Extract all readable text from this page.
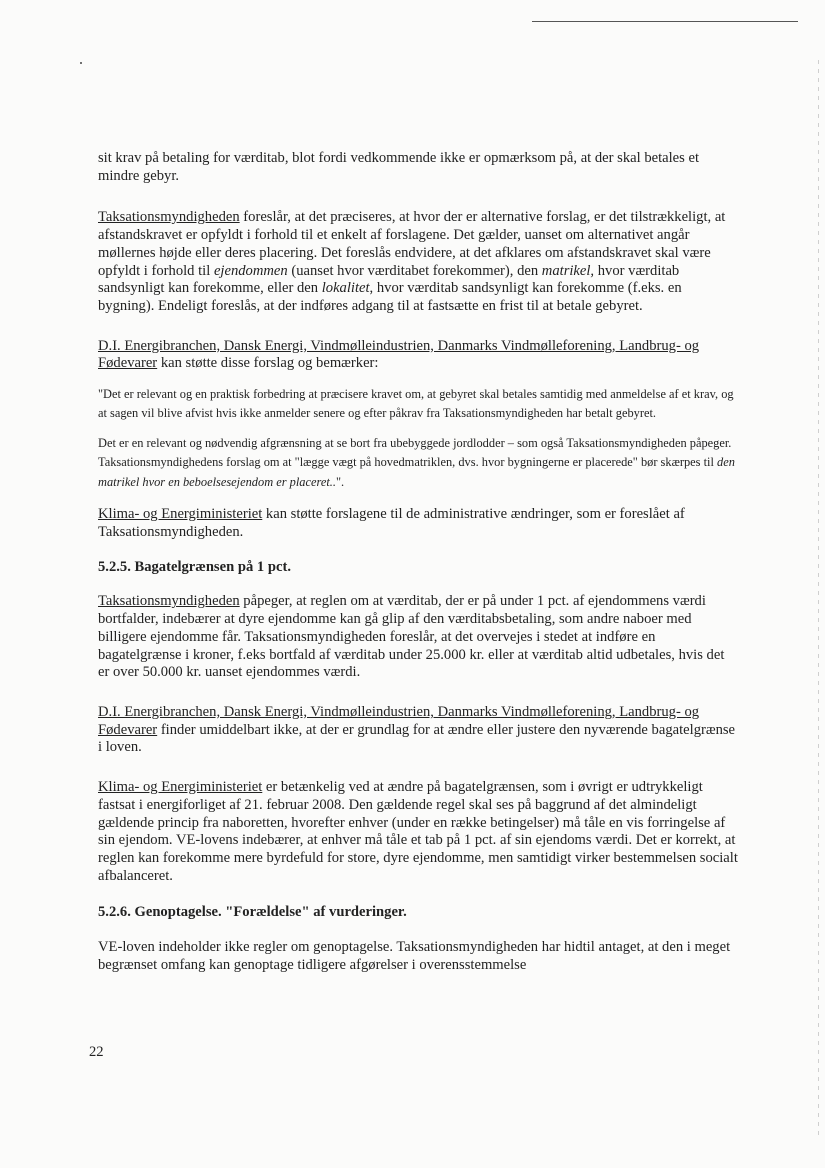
sit krav på betaling for værditab, blot fordi vedkommende ikke er opmærksom på, at der skal betales et mindre gebyr.

Taksationsmyndigheden foreslår, at det præciseres, at hvor der er alternative forslag, er det tilstrækkeligt, at afstandskravet er opfyldt i forhold til et enkelt af forslagene. Det gælder, uanset om alternativet angår møllernes højde eller deres placering. Det foreslås endvidere, at det afklares om afstandskravet skal være opfyldt i forhold til ejendommen (uanset hvor værditabet forekommer), den matrikel, hvor værditab sandsynligt kan forekomme, eller den lokalitet, hvor værditab sandsynligt kan forekomme (f.eks. en bygning). Endeligt foreslås, at der indføres adgang til at fastsætte en frist til at betale gebyret.

D.I. Energibranchen, Dansk Energi, Vindmølleindustrien, Danmarks Vindmølleforening, Landbrug- og Fødevarer kan støtte disse forslag og bemærker:

"Det er relevant og en praktisk forbedring at præcisere kravet om, at gebyret skal betales samtidig med anmeldelse af et krav, og at sagen vil blive afvist hvis ikke anmelder senere og efter påkrav fra Taksationsmyndigheden har betalt gebyret.

Det er en relevant og nødvendig afgrænsning at se bort fra ubebyggede jordlodder – som også Taksationsmyndigheden påpeger. Taksationsmyndighedens forslag om at "lægge vægt på hovedmatriklen, dvs. hvor bygningerne er placerede" bør skærpes til den matrikel hvor en beboelsesejendom er placeret..".

Klima- og Energiministeriet kan støtte forslagene til de administrative ændringer, som er foreslået af Taksationsmyndigheden.

5.2.5. Bagatelgrænsen på 1 pct.

Taksationsmyndigheden påpeger, at reglen om at værditab, der er på under 1 pct. af ejendommens værdi bortfalder, indebærer at dyre ejendomme kan gå glip af den værditabsbetaling, som andre naboer med billigere ejendomme får. Taksationsmyndigheden foreslår, at det overvejes i stedet at indføre en bagatelgrænse i kroner, f.eks bortfald af værditab under 25.000 kr. eller at værditab altid udbetales, hvis det er over 50.000 kr. uanset ejendommes værdi.

D.I. Energibranchen, Dansk Energi, Vindmølleindustrien, Danmarks Vindmølleforening, Landbrug- og Fødevarer finder umiddelbart ikke, at der er grundlag for at ændre eller justere den nyværende bagatelgrænse i loven.

Klima- og Energiministeriet er betænkelig ved at ændre på bagatelgrænsen, som i øvrigt er udtrykkeligt fastsat i energiforliget af 21. februar 2008. Den gældende regel skal ses på baggrund af det almindeligt gældende princip fra naboretten, hvorefter enhver (under en række betingelser) må tåle en vis forringelse af sin ejendom. VE-lovens indebærer, at enhver må tåle et tab på 1 pct. af sin ejendoms værdi. Det er korrekt, at reglen kan forekomme mere byrdefuld for store, dyre ejendomme, men samtidigt virker bestemmelsen socialt afbalanceret.

5.2.6. Genoptagelse. "Forældelse" af vurderinger.

VE-loven indeholder ikke regler om genoptagelse. Taksationsmyndigheden har hidtil antaget, at den i meget begrænset omfang kan genoptage tidligere afgørelser i overensstemmelse

22
